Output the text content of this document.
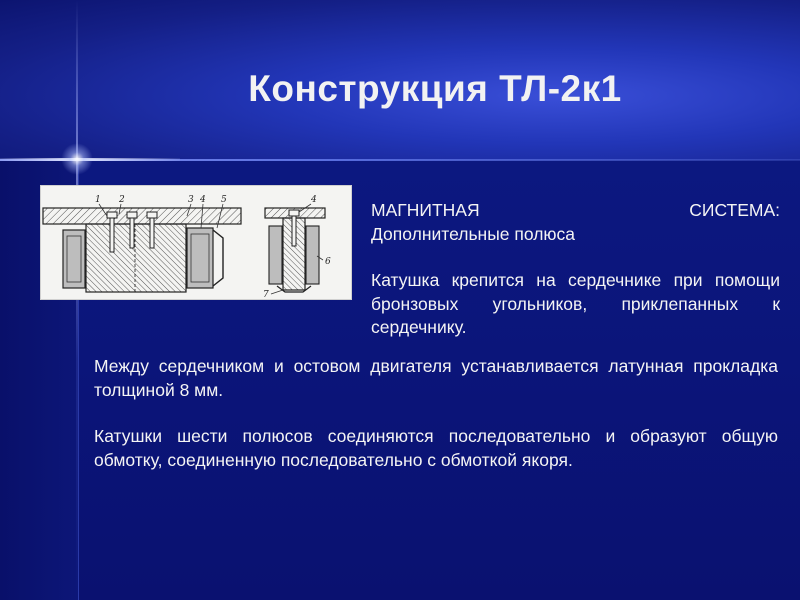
Конструкция ТЛ-2к1
1 2	3 4 5	4
6
7
МАГНИТНАЯ	СИСТЕМА:

Дополнительные полюса

Катушка крепится на сердечнике при помощи бронзовых угольников, приклепанных к сердечнику.

Между сердечником и остовом двигателя устанавливается латунная прокладка толщиной 8 мм.

Катушки шести полюсов соединяются последовательно и образуют общую обмотку, соединенную последовательно с обмоткой якоря.
